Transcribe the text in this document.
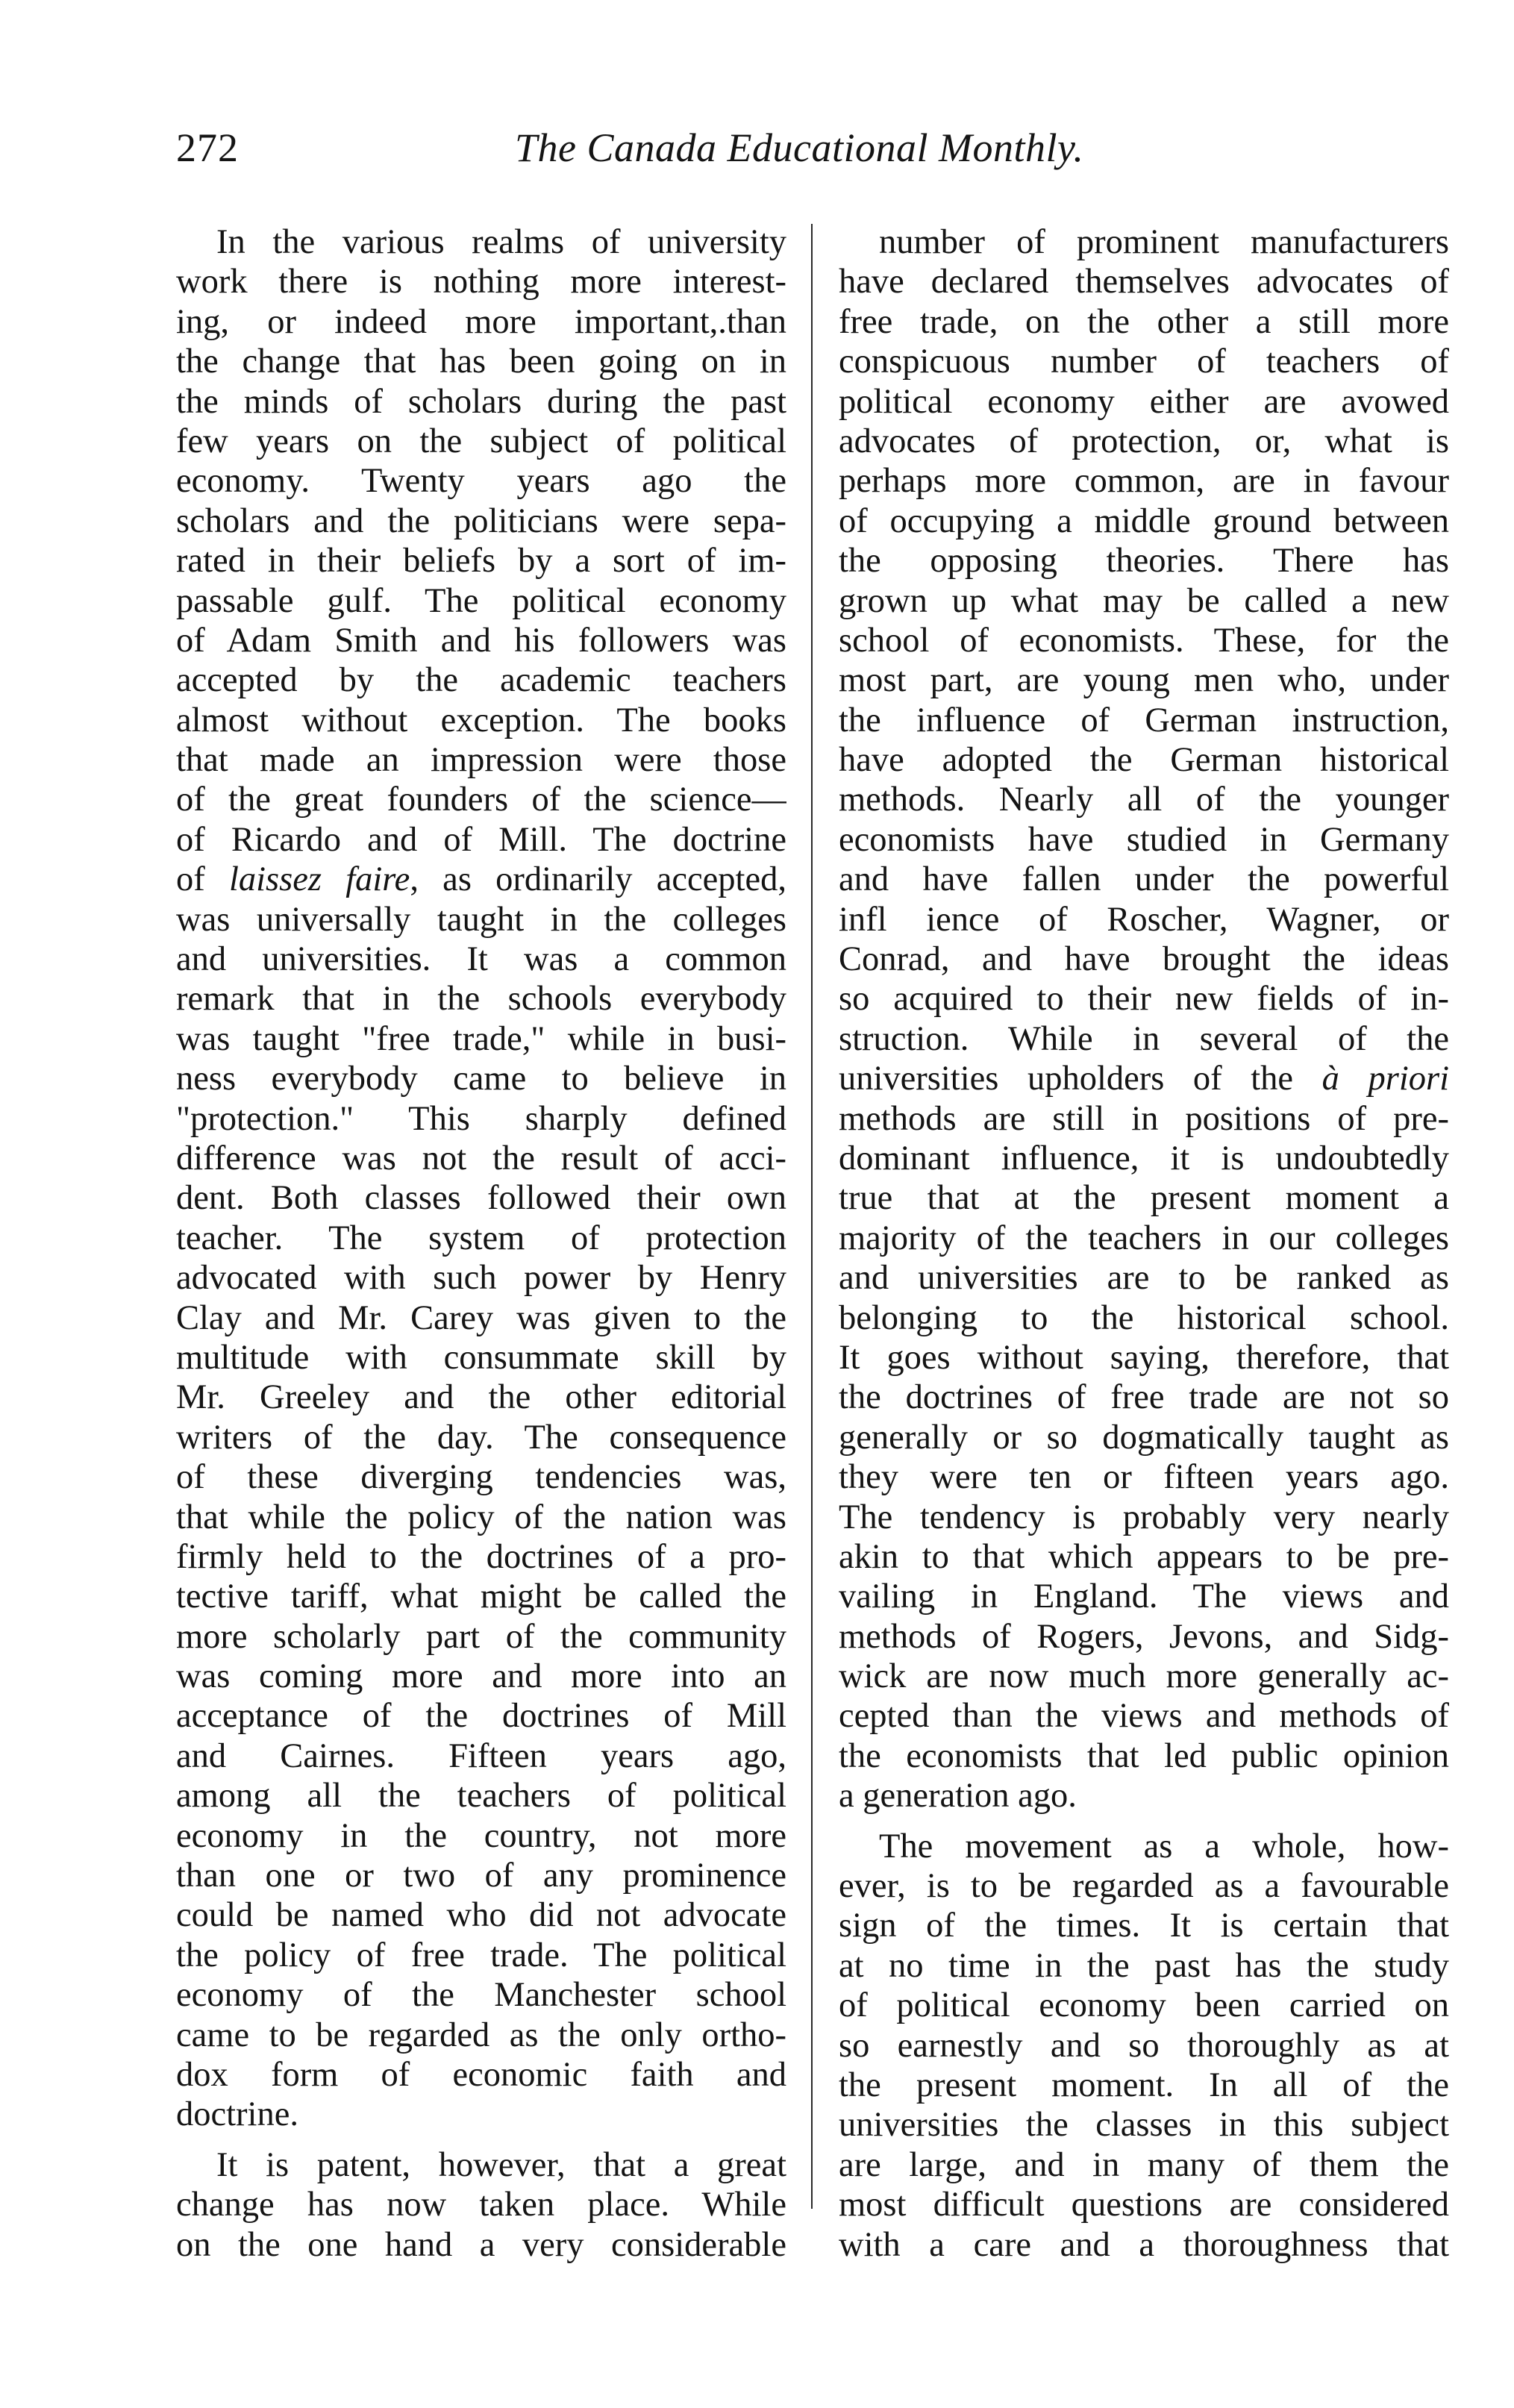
272	The Canada Educational Monthly.
In the various realms of university
work there is nothing more interest-
ing, or indeed more important,.than
the change that has been going on in
the minds of scholars during the past
few years on the subject of political
economy. Twenty years ago the
scholars and the politicians were sepa-
rated in their beliefs by a sort of im-
passable gulf. The political economy
of Adam Smith and his followers was
accepted by the academic teachers
almost without exception. The books
that made an impression were those
of the great founders of the science—
of Ricardo and of Mill. The doctrine
of laissez faire, as ordinarily accepted,
was universally taught in the colleges
and universities. It was a common
remark that in the schools everybody
was taught "free trade," while in busi-
ness everybody came to believe in
"protection." This sharply defined
difference was not the result of acci-
dent. Both classes followed their own
teacher. The system of protection
advocated with such power by Henry
Clay and Mr. Carey was given to the
multitude with consummate skill by
Mr. Greeley and the other editorial
writers of the day. The consequence
of these diverging tendencies was,
that while the policy of the nation was
firmly held to the doctrines of a pro-
tective tariff, what might be called the
more scholarly part of the community
was coming more and more into an
acceptance of the doctrines of Mill
and Cairnes. Fifteen years ago,
among all the teachers of political
economy in the country, not more
than one or two of any prominence
could be named who did not advocate
the policy of free trade. The political
economy of the Manchester school
came to be regarded as the only ortho-
dox form of economic faith and
doctrine.
It is patent, however, that a great
change has now taken place. While
on the one hand a very considerable
number of prominent manufacturers
have declared themselves advocates of
free trade, on the other a still more
conspicuous number of teachers of
political economy either are avowed
advocates of protection, or, what is
perhaps more common, are in favour
of occupying a middle ground between
the opposing theories. There has
grown up what may be called a new
school of economists. These, for the
most part, are young men who, under
the influence of German instruction,
have adopted the German historical
methods. Nearly all of the younger
economists have studied in Germany
and have fallen under the powerful
infl ience of Roscher, Wagner, or
Conrad, and have brought the ideas
so acquired to their new fields of in-
struction. While in several of the
universities upholders of the à priori
methods are still in positions of pre-
dominant influence, it is undoubtedly
true that at the present moment a
majority of the teachers in our colleges
and universities are to be ranked as
belonging to the historical school.
It goes without saying, therefore, that
the doctrines of free trade are not so
generally or so dogmatically taught as
they were ten or fifteen years ago.
The tendency is probably very nearly
akin to that which appears to be pre-
vailing in England. The views and
methods of Rogers, Jevons, and Sidg-
wick are now much more generally ac-
cepted than the views and methods of
the economists that led public opinion
a generation ago.
The movement as a whole, how-
ever, is to be regarded as a favourable
sign of the times. It is certain that
at no time in the past has the study
of political economy been carried on
so earnestly and so thoroughly as at
the present moment. In all of the
universities the classes in this subject
are large, and in many of them the
most difficult questions are considered
with a care and a thoroughness that
